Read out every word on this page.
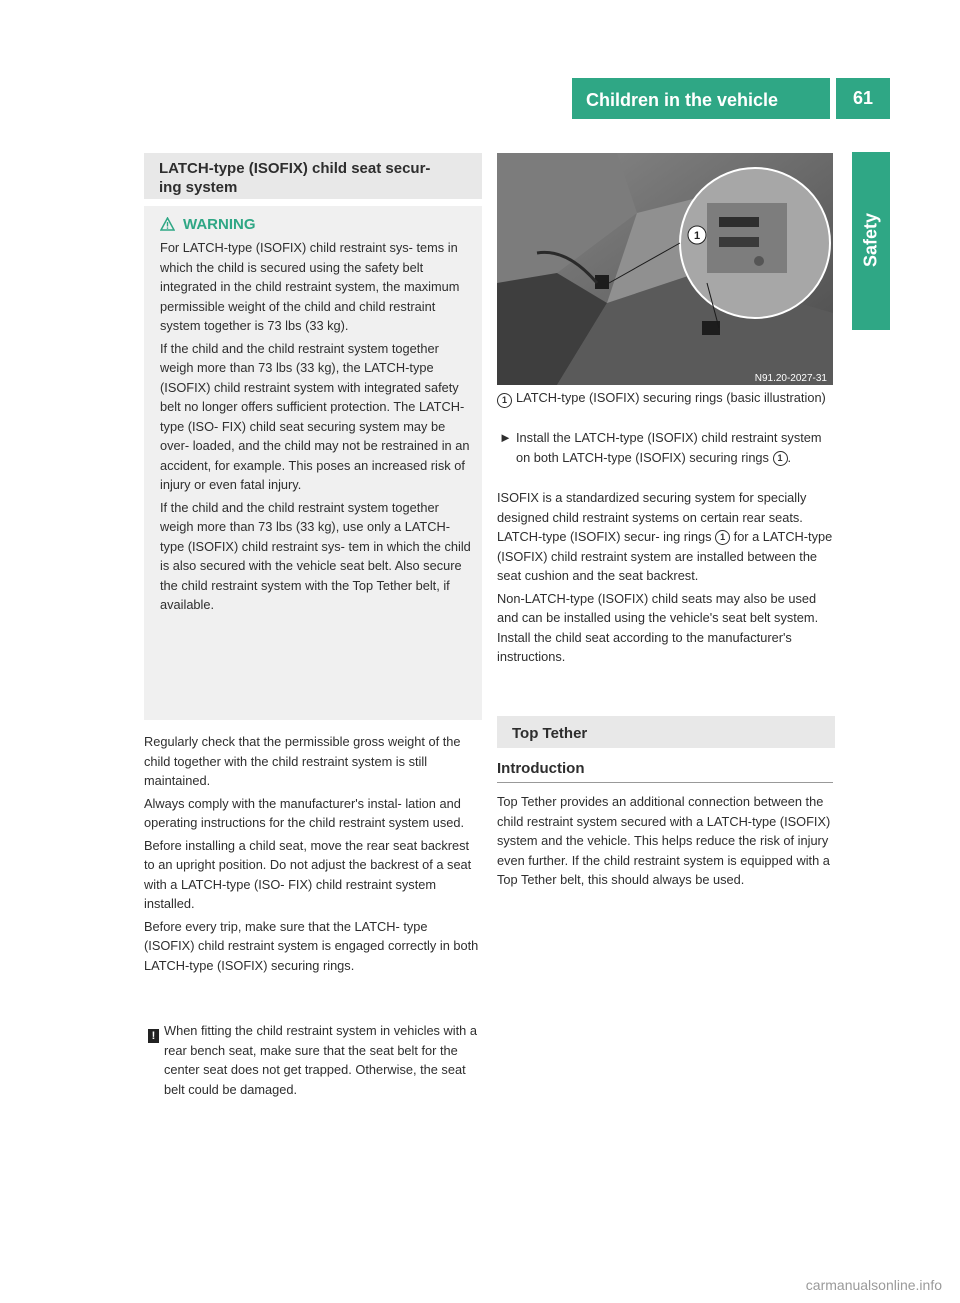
Children in the vehicle	61
Safety
LATCH-type (ISOFIX) child seat secur-
ing system
WARNING

For LATCH-type (ISOFIX) child restraint sys- tems in which the child is secured using the safety belt integrated in the child restraint system, the maximum permissible weight of the child and child restraint system together is 73 lbs (33 kg).

If the child and the child restraint system together weigh more than 73 lbs (33 kg), the LATCH-type (ISOFIX) child restraint system with integrated safety belt no longer offers sufficient protection. The LATCH-type (ISO- FIX) child seat securing system may be over- loaded, and the child may not be restrained in an accident, for example. This poses an increased risk of injury or even fatal injury.

If the child and the child restraint system together weigh more than 73 lbs (33 kg), use only a LATCH-type (ISOFIX) child restraint sys- tem in which the child is also secured with the vehicle seat belt. Also secure the child restraint system with the Top Tether belt, if available.

Regularly check that the permissible gross weight of the child together with the child restraint system is still maintained.

Always comply with the manufacturer's instal- lation and operating instructions for the child restraint system used.

Before installing a child seat, move the rear seat backrest to an upright position. Do not adjust the backrest of a seat with a LATCH-type (ISO- FIX) child restraint system installed.

Before every trip, make sure that the LATCH- type (ISOFIX) child restraint system is engaged correctly in both LATCH-type (ISOFIX) securing rings.

! When fitting the child restraint system in vehicles with a rear bench seat, make sure that the seat belt for the center seat does not get trapped. Otherwise, the seat belt could be damaged.

1
N91.20-2027-31
1 LATCH-type (ISOFIX) securing rings (basic illustration)

► Install the LATCH-type (ISOFIX) child restraint system on both LATCH-type (ISOFIX) securing rings 1 .

ISOFIX is a standardized securing system for specially designed child restraint systems on certain rear seats. LATCH-type (ISOFIX) secur- ing rings 1 for a LATCH-type (ISOFIX) child restraint system are installed between the seat cushion and the seat backrest.

Non-LATCH-type (ISOFIX) child seats may also be used and can be installed using the vehicle's seat belt system. Install the child seat according to the manufacturer's instructions.

Top Tether
Introduction

Top Tether provides an additional connection between the child restraint system secured with a LATCH-type (ISOFIX) system and the vehicle. This helps reduce the risk of injury even further. If the child restraint system is equipped with a Top Tether belt, this should always be used.

carmanualsonline.info
